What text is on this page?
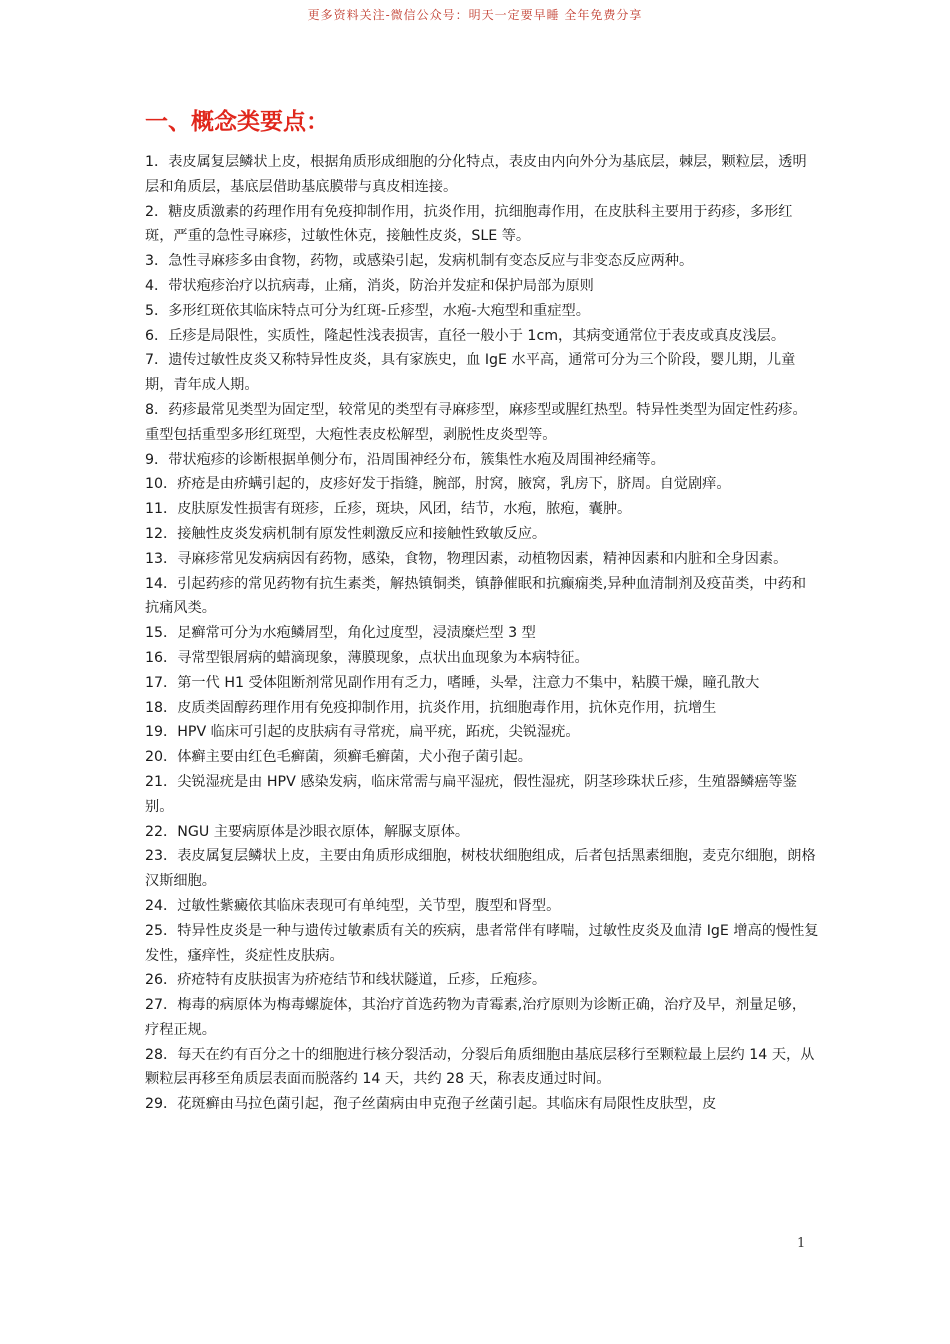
更多资料关注-微信公众号：明天一定要早睡 全年免费分享
一、概念类要点：

1．表皮属复层鳞状上皮，根据角质形成细胞的分化特点，表皮由内向外分为基底层，棘层，颗粒层，透明层和角质层，基底层借助基底膜带与真皮相连接。

2．糖皮质激素的药理作用有免疫抑制作用，抗炎作用，抗细胞毒作用，在皮肤科主要用于药疹，多形红斑，严重的急性寻麻疹，过敏性休克，接触性皮炎，SLE 等。

3．急性寻麻疹多由食物，药物，或感染引起，发病机制有变态反应与非变态反应两种。

4．带状疱疹治疗以抗病毒，止痛，消炎，防治并发症和保护局部为原则

5．多形红斑依其临床特点可分为红斑-丘疹型，水疱-大疱型和重症型。

6．丘疹是局限性，实质性，隆起性浅表损害，直径一般小于 1cm，其病变通常位于表皮或真皮浅层。

7．遗传过敏性皮炎又称特异性皮炎，具有家族史，血 IgE 水平高，通常可分为三个阶段，婴儿期，儿童期，青年成人期。

8．药疹最常见类型为固定型，较常见的类型有寻麻疹型，麻疹型或腥红热型。特异性类型为固定性药疹。重型包括重型多形红斑型，大疱性表皮松解型，剥脱性皮炎型等。

9．带状疱疹的诊断根据单侧分布，沿周围神经分布，簇集性水疱及周围神经痛等。

10．疥疮是由疥螨引起的，皮疹好发于指缝，腕部，肘窝，腋窝，乳房下，脐周。自觉剧痒。

11．皮肤原发性损害有斑疹，丘疹，斑块，风团，结节，水疱，脓疱，囊肿。

12．接触性皮炎发病机制有原发性刺激反应和接触性致敏反应。

13．寻麻疹常见发病病因有药物，感染，食物，物理因素，动植物因素，精神因素和内脏和全身因素。

14．引起药疹的常见药物有抗生素类，解热镇铜类，镇静催眠和抗癫痫类,异种血清制剂及疫苗类，中药和抗痛风类。

15．足癣常可分为水疱鳞屑型，角化过度型，浸渍糜烂型 3 型

16．寻常型银屑病的蜡滴现象，薄膜现象，点状出血现象为本病特征。

17．第一代 H1 受体阻断剂常见副作用有乏力，嗜睡，头晕，注意力不集中，粘膜干燥，瞳孔散大

18．皮质类固醇药理作用有免疫抑制作用，抗炎作用，抗细胞毒作用，抗休克作用，抗增生

19．HPV 临床可引起的皮肤病有寻常疣，扁平疣，跖疣，尖锐湿疣。

20．体癣主要由红色毛癣菌，须癣毛癣菌，犬小孢子菌引起。

21．尖锐湿疣是由 HPV 感染发病，临床常需与扁平湿疣，假性湿疣，阴茎珍珠状丘疹，生殖器鳞癌等鉴别。

22．NGU 主要病原体是沙眼衣原体，解脲支原体。

23．表皮属复层鳞状上皮，主要由角质形成细胞，树枝状细胞组成，后者包括黑素细胞，麦克尔细胞，朗格汉斯细胞。

24．过敏性紫癜依其临床表现可有单纯型，关节型，腹型和肾型。

25．特异性皮炎是一种与遗传过敏素质有关的疾病，患者常伴有哮喘，过敏性皮炎及血清 IgE 增高的慢性复发性，瘙痒性，炎症性皮肤病。

26．疥疮特有皮肤损害为疥疮结节和线状隧道，丘疹，丘疱疹。

27．梅毒的病原体为梅毒螺旋体，其治疗首选药物为青霉素,治疗原则为诊断正确，治疗及早，剂量足够，疗程正规。

28．每天在约有百分之十的细胞进行核分裂活动，分裂后角质细胞由基底层移行至颗粒最上层约 14 天，从颗粒层再移至角质层表面而脱落约 14 天，共约 28 天，称表皮通过时间。

29．花斑癣由马拉色菌引起，孢子丝菌病由申克孢子丝菌引起。其临床有局限性皮肤型，皮

1
